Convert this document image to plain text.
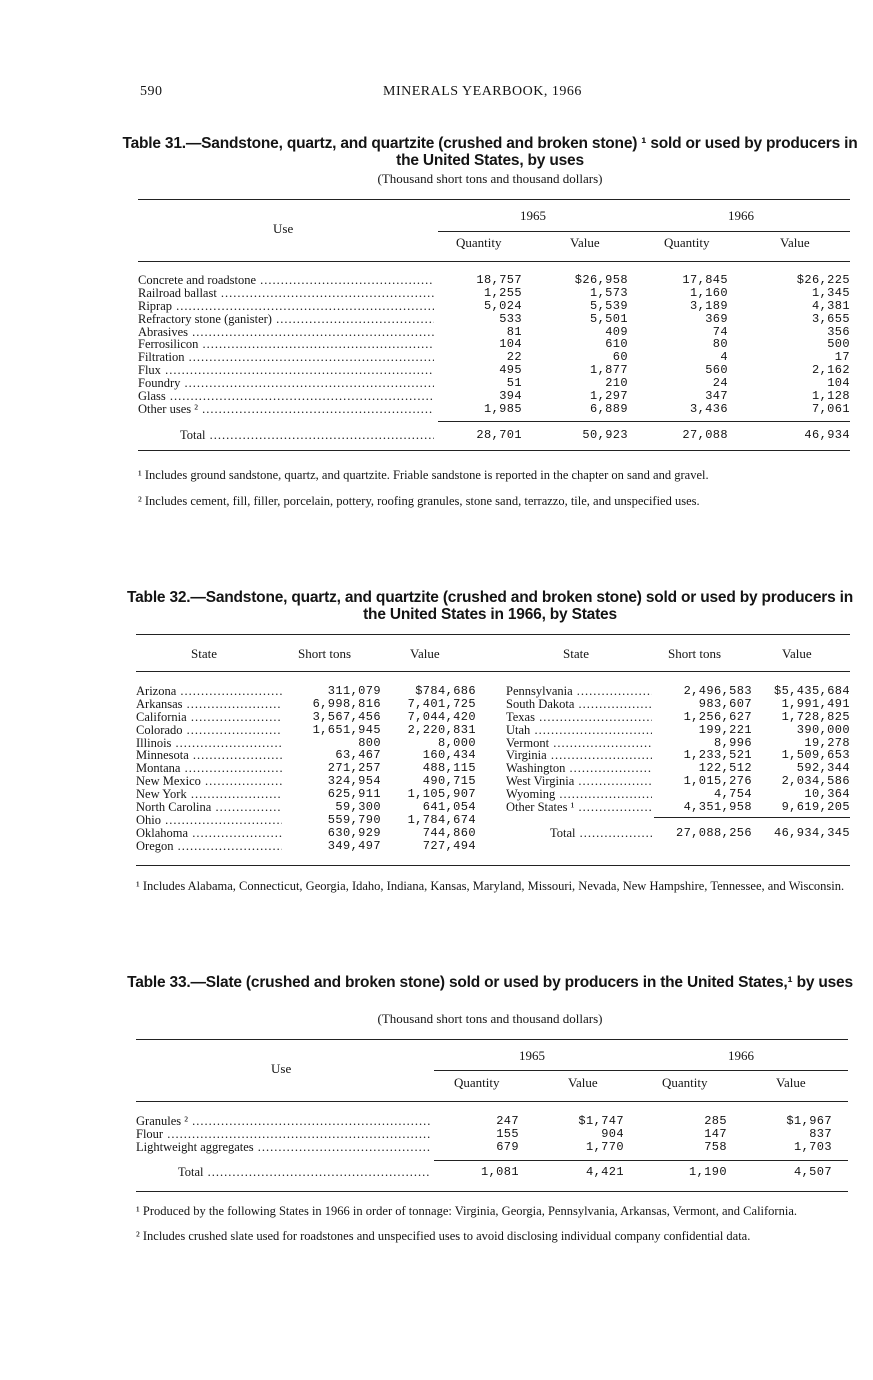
590	MINERALS YEARBOOK, 1966
Table 31.—Sandstone, quartz, and quartzite (crushed and broken stone) ¹ sold or used by producers in the United States, by uses
(Thousand short tons and thousand dollars)
Use
1965	1966
Quantity	Value	Quantity	Value
Concrete and roadstone .....	18,757	$26,958	17,845	$26,225
Railroad ballast .....	1,255	1,573	1,160	1,345
Riprap .....	5,024	5,539	3,189	4,381
Refractory stone (ganister) .....	533	5,501	369	3,655
Abrasives .....	81	409	74	356
Ferrosilicon .....	104	610	80	500
Filtration .....	22	60	4	17
Flux .....	495	1,877	560	2,162
Foundry .....	51	210	24	104
Glass .....	394	1,297	347	1,128
Other uses ² .....	1,985	6,889	3,436	7,061
Total .....	28,701	50,923	27,088	46,934
¹ Includes ground sandstone, quartz, and quartzite. Friable sandstone is reported in the chapter on sand and gravel.
² Includes cement, fill, filler, porcelain, pottery, roofing granules, stone sand, terrazzo, tile, and unspecified uses.
Table 32.—Sandstone, quartz, and quartzite (crushed and broken stone) sold or used by producers in the United States in 1966, by States
State	Short tons	Value	State	Short tons	Value
Arizona .....	311,079	$784,686
Arkansas .....	6,998,816 7,401,725
California .....	3,567,456 7,044,420
Colorado .....	1,651,945 2,220,831
Illinois .....	800	8,000
Minnesota .....	63,467	160,434
Montana .....	271,257	488,115
New Mexico .....	324,954	490,715
New York .....	625,911 1,105,907
North Carolina .....	59,300	641,054
Ohio .....	559,790 1,784,674
Oklahoma .....	630,929	744,860
Oregon .....	349,497	727,494
Pennsylvania .....	2,496,583 $5,435,684
South Dakota .....	983,607 1,991,491
Texas .....	1,256,627 1,728,825
Utah .....	199,221	390,000
Vermont .....	8,996	19,278
Virginia .....	1,233,521 1,509,653
Washington .....	122,512	592,344
West Virginia .....	1,015,276 2,034,586
Wyoming .....	4,754	10,364
Other States ¹ .....	4,351,958 9,619,205
Total .....	27,088,256 46,934,345
¹ Includes Alabama, Connecticut, Georgia, Idaho, Indiana, Kansas, Maryland, Missouri, Nevada, New Hampshire, Tennessee, and Wisconsin.
Table 33.—Slate (crushed and broken stone) sold or used by producers in the United States,¹ by uses
(Thousand short tons and thousand dollars)
Use
1965	1966
Quantity	Value	Quantity	Value
Granules ² .....	247	$1,747	285	$1,967
Flour .....	155	904	147	837
Lightweight aggregates .....	679	1,770	758	1,703
Total .....	1,081	4,421	1,190	4,507
¹ Produced by the following States in 1966 in order of tonnage: Virginia, Georgia, Pennsylvania, Arkansas, Vermont, and California.
² Includes crushed slate used for roadstones and unspecified uses to avoid disclosing individual company confidential data.
